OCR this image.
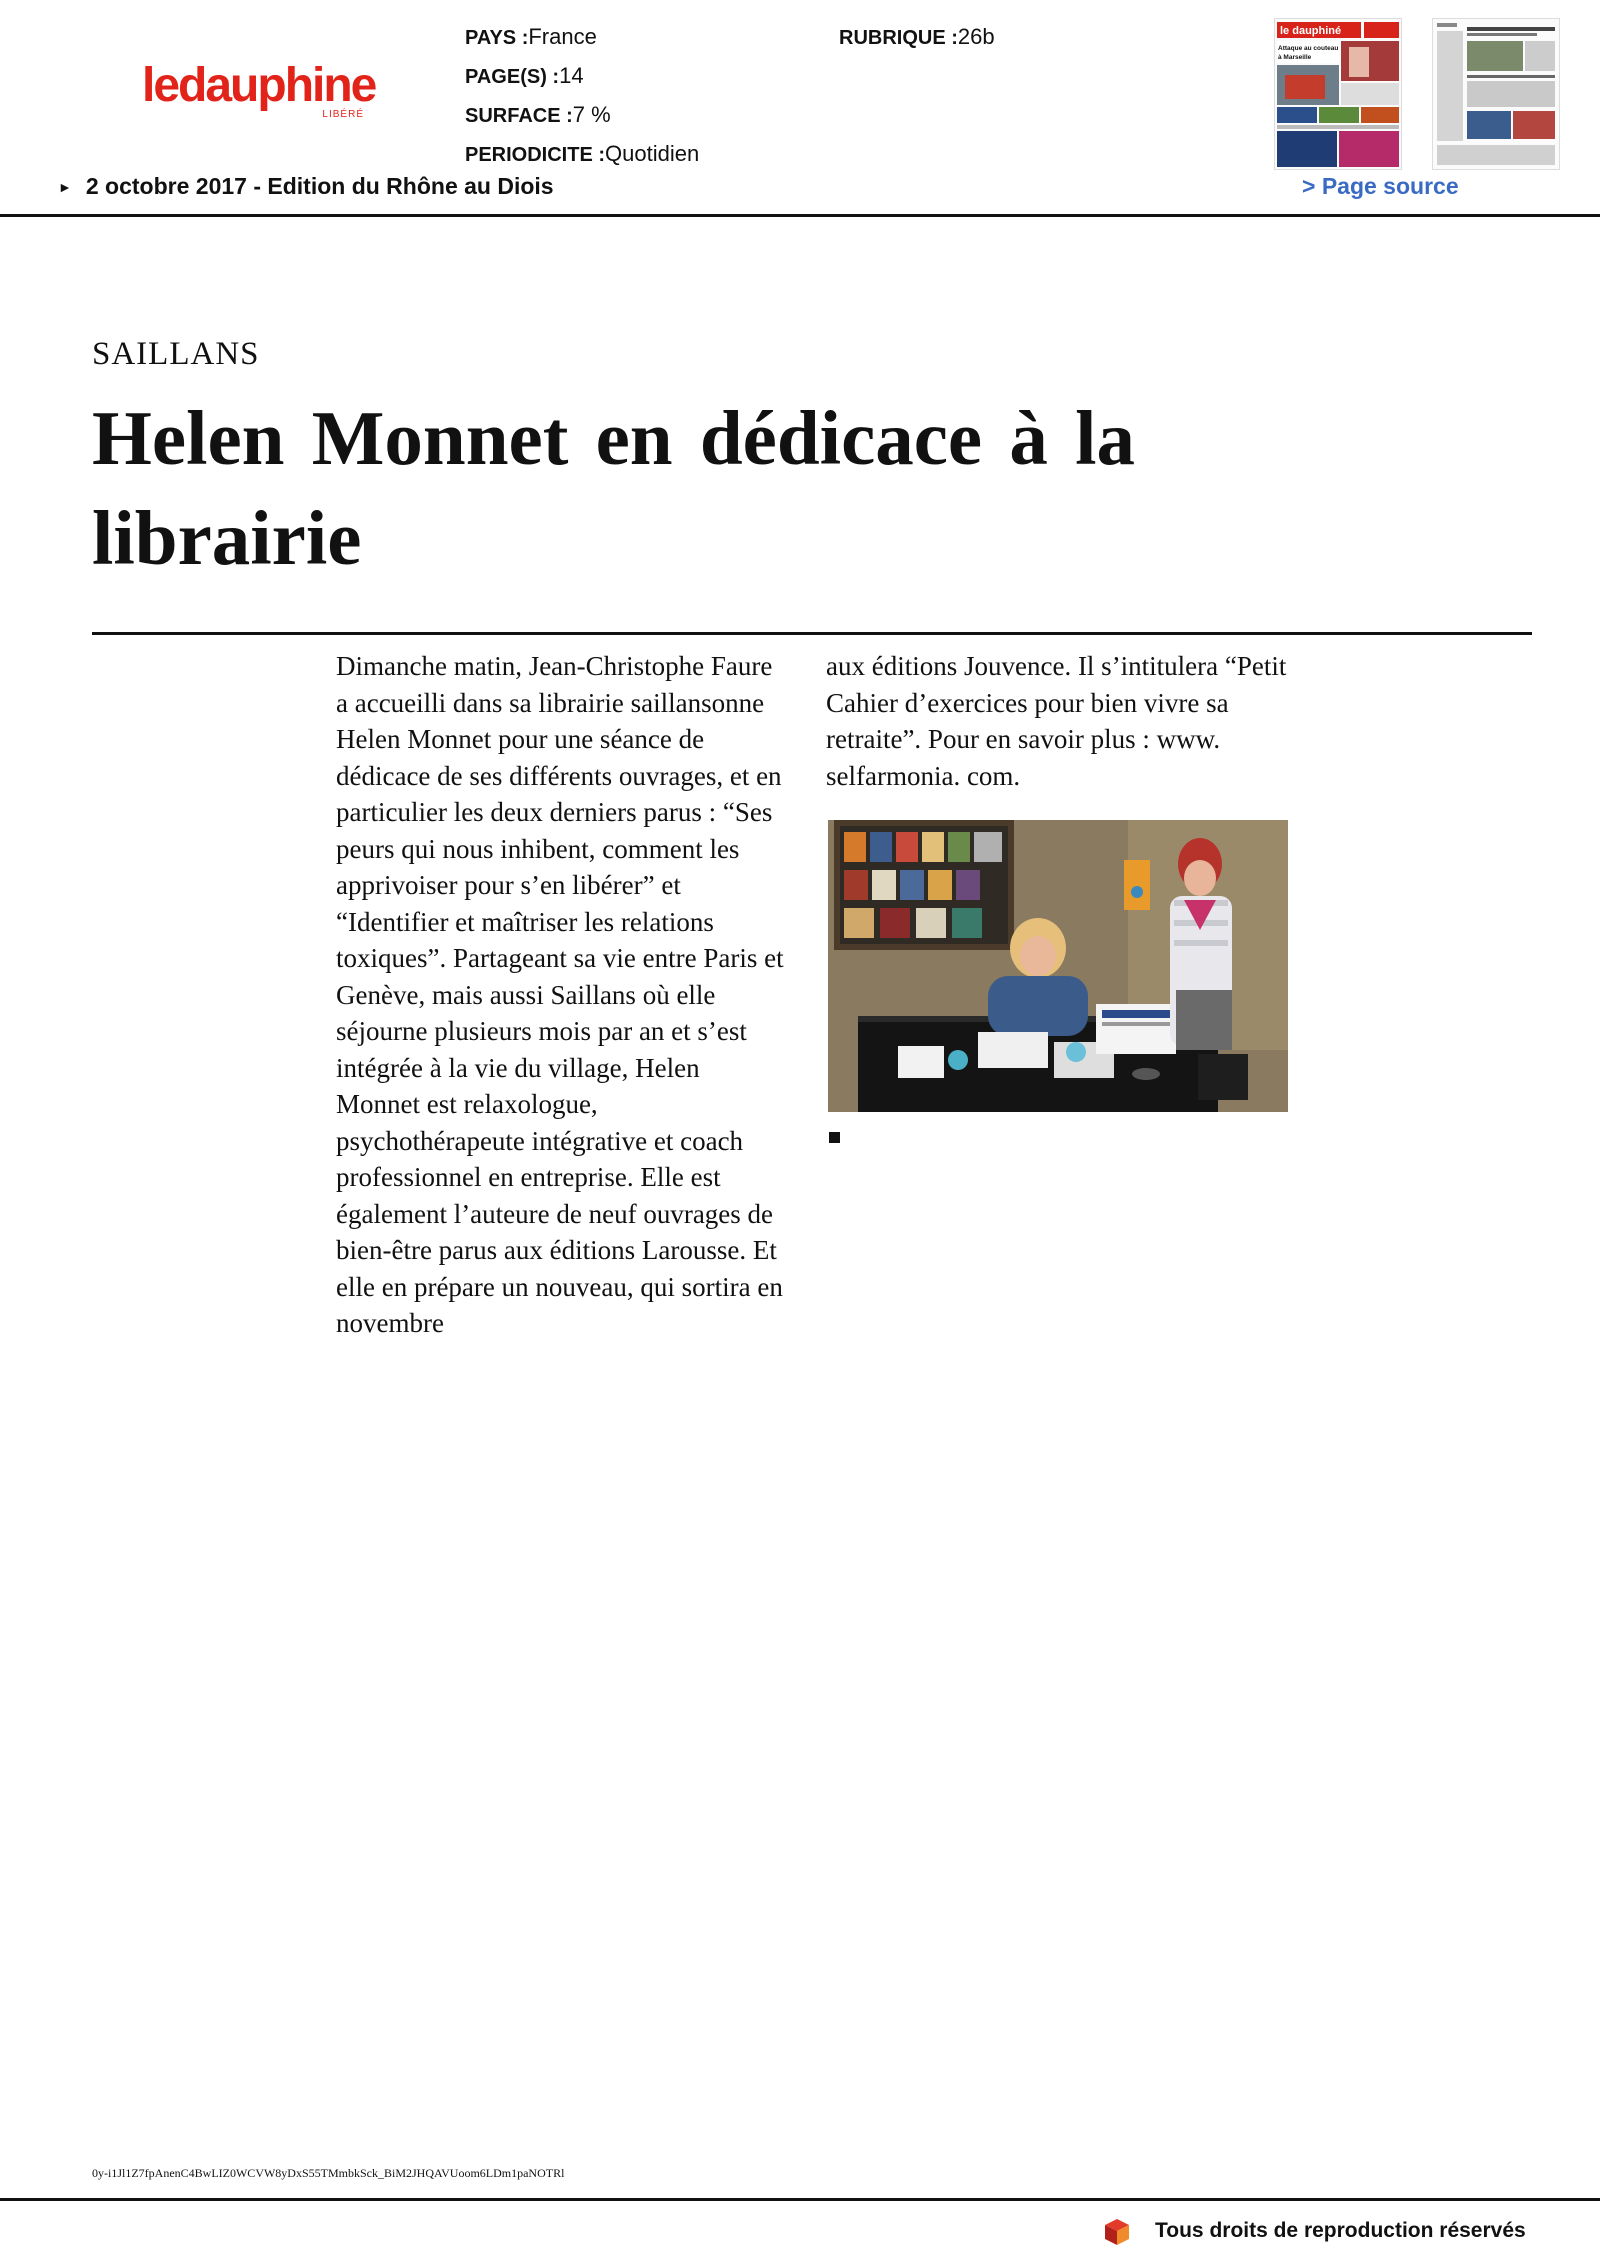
ledauphine
LIBÉRÉ
PAYS :France
PAGE(S) :14
SURFACE :7 %
PERIODICITE :Quotidien
RUBRIQUE :26b	le dauphiné
Attaque au couteau
à Marseille
► 2 octobre 2017 - Edition du Rhône au Diois	> Page source
SAILLANS
Helen Monnet en dédicace à la librairie
Dimanche matin, Jean-Christophe Faure a accueilli dans sa librairie saillansonne Helen Monnet pour une séance de dédicace de ses différents ouvrages, et en particulier les deux derniers parus : “Ses peurs qui nous inhibent, comment les apprivoiser pour s’en libérer” et “Identifier et maîtriser les relations toxiques”. Partageant sa vie entre Paris et Genève, mais aussi Saillans où elle séjourne plusieurs mois par an et s’est intégrée à la vie du village, Helen Monnet est relaxologue, psychothérapeute intégrative et coach professionnel en entreprise. Elle est également l’auteure de neuf ouvrages de bien-être parus aux éditions Larousse. Et elle en prépare un nouveau, qui sortira en novembre
aux éditions Jouvence. Il s’intitulera “Petit Cahier d’exercices pour bien vivre sa retraite”. Pour en savoir plus : www. selfarmonia. com.
0y-i1Jl1Z7fpAnenC4BwLIZ0WCVW8yDxS55TMmbkSck_BiM2JHQAVUoom6LDm1paNOTRl
Tous droits de reproduction réservés
